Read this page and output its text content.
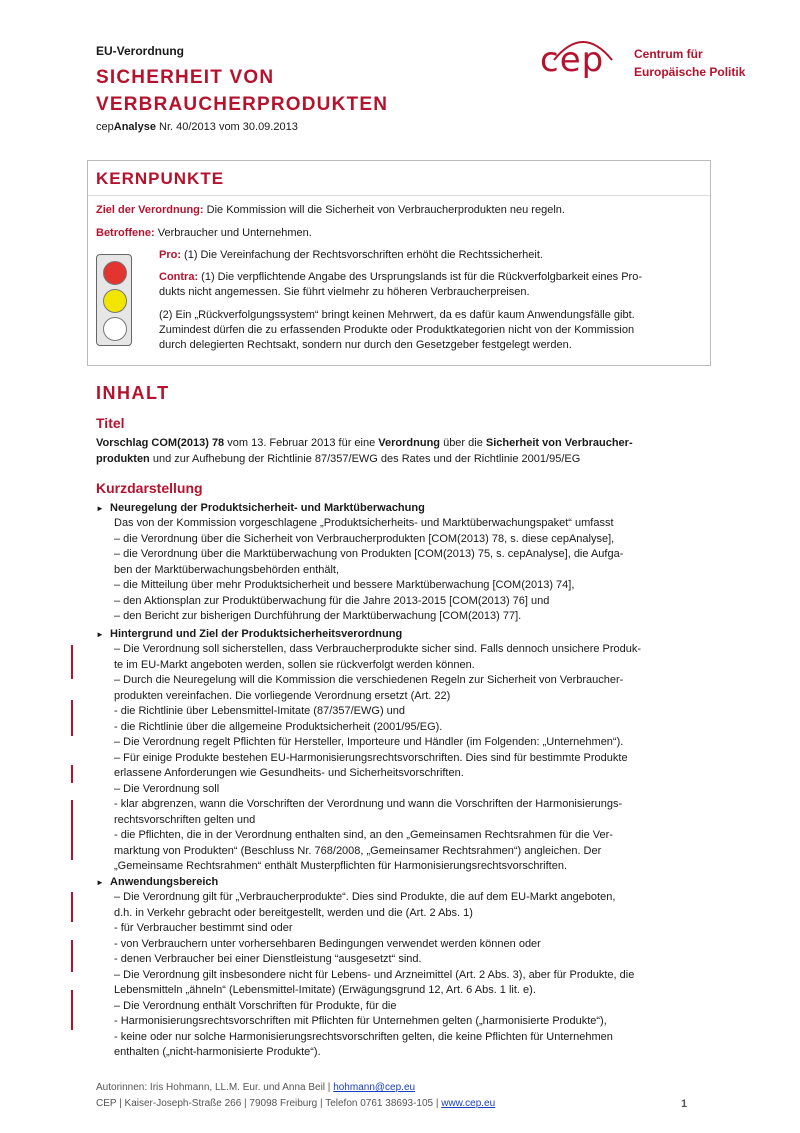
EU-Verordnung
SICHERHEIT VON
VERBRAUCHERPRODUKTEN
cepAnalyse Nr. 40/2013 vom 30.09.2013
cep Centrum für
Europäische Politik
KERNPUNKTE
Ziel der Verordnung: Die Kommission will die Sicherheit von Verbraucherprodukten neu regeln.
Betroffene: Verbraucher und Unternehmen.
Pro: (1) Die Vereinfachung der Rechtsvorschriften erhöht die Rechtssicherheit.
Contra: (1) Die verpflichtende Angabe des Ursprungslands ist für die Rückverfolgbarkeit eines Pro-
dukts nicht angemessen. Sie führt vielmehr zu höheren Verbraucherpreisen.
(2) Ein „Rückverfolgungssystem“ bringt keinen Mehrwert, da es dafür kaum Anwendungsfälle gibt.
Zumindest dürfen die zu erfassenden Produkte oder Produktkategorien nicht von der Kommission
durch delegierten Rechtsakt, sondern nur durch den Gesetzgeber festgelegt werden.
INHALT
Titel
Vorschlag COM(2013) 78 vom 13. Februar 2013 für eine Verordnung über die Sicherheit von Verbraucher-
produkten und zur Aufhebung der Richtlinie 87/357/EWG des Rates und der Richtlinie 2001/95/EG
Kurzdarstellung
► Neuregelung der Produktsicherheit- und Marktüberwachung
Das von der Kommission vorgeschlagene „Produktsicherheits- und Marktüberwachungspaket“ umfasst
– die Verordnung über die Sicherheit von Verbraucherprodukten [COM(2013) 78, s. diese cepAnalyse],
– die Verordnung über die Marktüberwachung von Produkten [COM(2013) 75, s. cepAnalyse], die Aufga-
ben der Marktüberwachungsbehörden enthält,
– die Mitteilung über mehr Produktsicherheit und bessere Marktüberwachung [COM(2013) 74],
– den Aktionsplan zur Produktüberwachung für die Jahre 2013-2015 [COM(2013) 76] und
– den Bericht zur bisherigen Durchführung der Marktüberwachung [COM(2013) 77].
► Hintergrund und Ziel der Produktsicherheitsverordnung
– Die Verordnung soll sicherstellen, dass Verbraucherprodukte sicher sind. Falls dennoch unsichere Produk-
te im EU-Markt angeboten werden, sollen sie rückverfolgt werden können.
– Durch die Neuregelung will die Kommission die verschiedenen Regeln zur Sicherheit von Verbraucher-
produkten vereinfachen. Die vorliegende Verordnung ersetzt (Art. 22)
- die Richtlinie über Lebensmittel-Imitate (87/357/EWG) und
- die Richtlinie über die allgemeine Produktsicherheit (2001/95/EG).
– Die Verordnung regelt Pflichten für Hersteller, Importeure und Händler (im Folgenden: „Unternehmen“).
– Für einige Produkte bestehen EU-Harmonisierungsrechtsvorschriften. Dies sind für bestimmte Produkte
erlassene Anforderungen wie Gesundheits- und Sicherheitsvorschriften.
– Die Verordnung soll
- klar abgrenzen, wann die Vorschriften der Verordnung und wann die Vorschriften der Harmonisierungs-
rechtsvorschriften gelten und
- die Pflichten, die in der Verordnung enthalten sind, an den „Gemeinsamen Rechtsrahmen für die Ver-
marktung von Produkten“ (Beschluss Nr. 768/2008, „Gemeinsamer Rechtsrahmen“) angleichen. Der
„Gemeinsame Rechtsrahmen“ enthält Musterpflichten für Harmonisierungsrechtsvorschriften.
► Anwendungsbereich
– Die Verordnung gilt für „Verbraucherprodukte“. Dies sind Produkte, die auf dem EU-Markt angeboten,
d.h. in Verkehr gebracht oder bereitgestellt, werden und die (Art. 2 Abs. 1)
- für Verbraucher bestimmt sind oder
- von Verbrauchern unter vorhersehbaren Bedingungen verwendet werden können oder
- denen Verbraucher bei einer Dienstleistung “ausgesetzt“ sind.
– Die Verordnung gilt insbesondere nicht für Lebens- und Arzneimittel (Art. 2 Abs. 3), aber für Produkte, die
Lebensmitteln „ähneln“ (Lebensmittel-Imitate) (Erwägungsgrund 12, Art. 6 Abs. 1 lit. e).
– Die Verordnung enthält Vorschriften für Produkte, für die
- Harmonisierungsrechtsvorschriften mit Pflichten für Unternehmen gelten („harmonisierte Produkte“),
- keine oder nur solche Harmonisierungsrechtsvorschriften gelten, die keine Pflichten für Unternehmen
enthalten („nicht-harmonisierte Produkte“).
Autorinnen: Iris Hohmann, LL.M. Eur. und Anna Beil | hohmann@cep.eu
CEP | Kaiser-Joseph-Straße 266 | 79098 Freiburg | Telefon 0761 38693-105 | www.cep.eu	1
